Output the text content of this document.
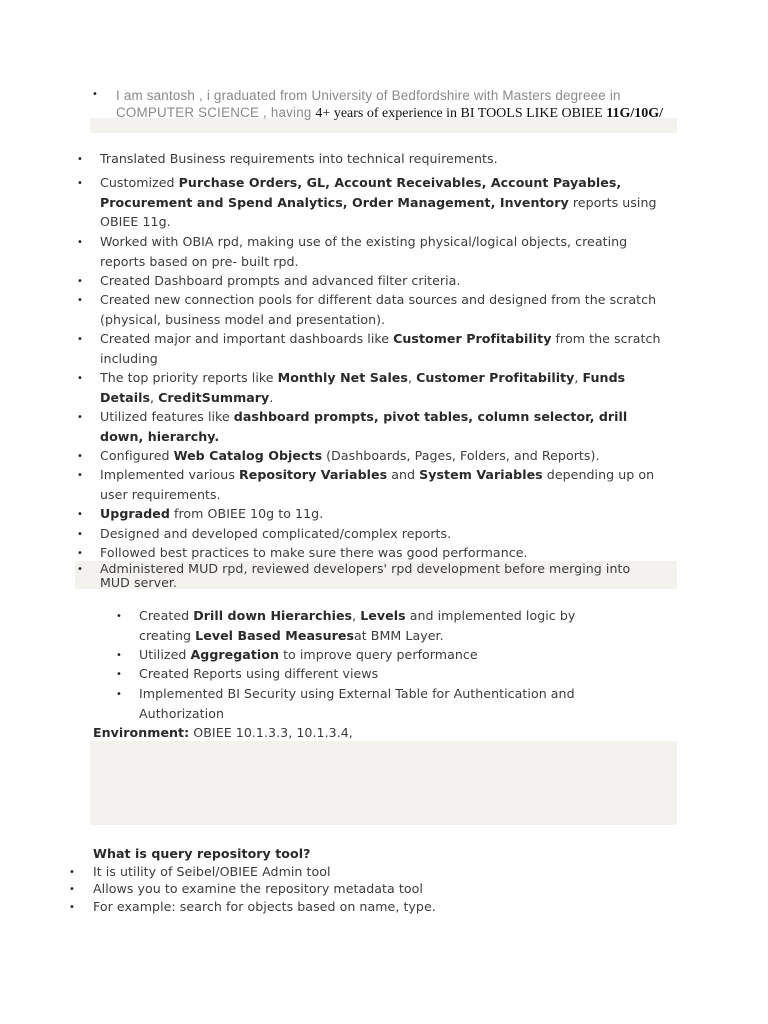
• I am santosh , i graduated from University of Bedfordshire with Masters degreee in COMPUTER SCIENCE , having 4+ years of experience in BI TOOLS LIKE OBIEE 11G/10G/
• Translated Business requirements into technical requirements.
• Customized Purchase Orders, GL, Account Receivables, Account Payables,
Procurement and Spend Analytics, Order Management, Inventory reports using
OBIEE 11g.
• Worked with OBIA rpd, making use of the existing physical/logical objects, creating
reports based on pre- built rpd.
• Created Dashboard prompts and advanced filter criteria.
• Created new connection pools for different data sources and designed from the scratch
(physical, business model and presentation).
• Created major and important dashboards like Customer Profitability from the scratch
including
• The top priority reports like Monthly Net Sales, Customer Profitability, Funds
Details, CreditSummary.
• Utilized features like dashboard prompts, pivot tables, column selector, drill
down, hierarchy.
• Configured Web Catalog Objects (Dashboards, Pages, Folders, and Reports).
• Implemented various Repository Variables and System Variables depending up on
user requirements.
• Upgraded from OBIEE 10g to 11g.
• Designed and developed complicated/complex reports.
• Followed best practices to make sure there was good performance.
• Administered MUD rpd, reviewed developers' rpd development before merging into
MUD server.
• Created Drill down Hierarchies, Levels and implemented logic by
creating Level Based Measuresat BMM Layer.
• Utilized Aggregation to improve query performance
• Created Reports using different views
• Implemented BI Security using External Table for Authentication and
Authorization
Environment: OBIEE 10.1.3.3, 10.1.3.4,
What is query repository tool?
• It is utility of Seibel/OBIEE Admin tool
• Allows you to examine the repository metadata tool
• For example: search for objects based on name, type.
